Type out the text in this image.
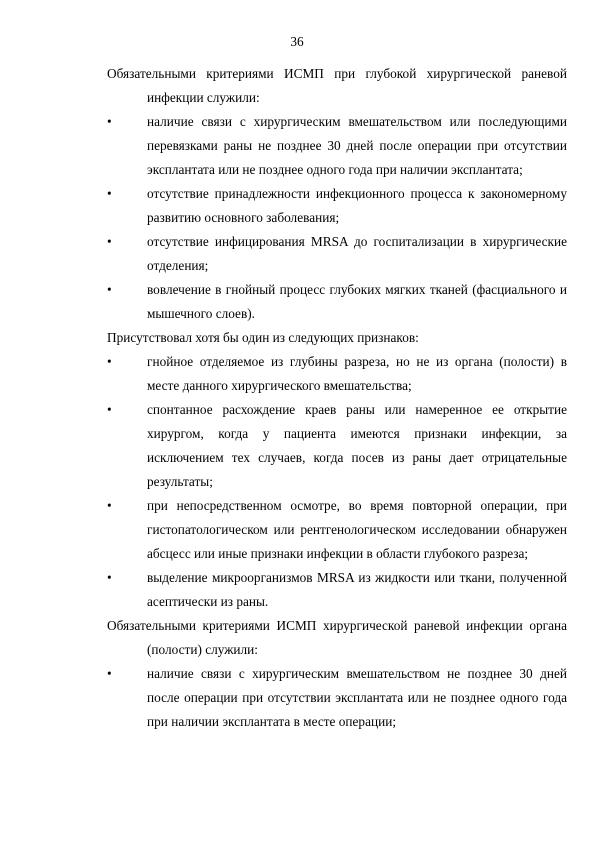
36

Обязательными критериями ИСМП при глубокой хирургической раневой инфекции служили:

•	наличие связи с хирургическим вмешательством или последующими перевязками раны не позднее 30 дней после операции при отсутствии эксплантата или не позднее одного года при наличии эксплантата;
•	отсутствие принадлежности инфекционного процесса к закономерному развитию основного заболевания;
•	отсутствие инфицирования MRSA до госпитализации в хирургические отделения;
•	вовлечение в гнойный процесс глубоких мягких тканей (фасциального и мышечного слоев).

Присутствовал хотя бы один из следующих признаков:

•	гнойное отделяемое из глубины разреза, но не из органа (полости) в месте данного хирургического вмешательства;
•	спонтанное расхождение краев раны или намеренное ее открытие хирургом, когда у пациента имеются признаки инфекции, за исключением тех случаев, когда посев из раны дает отрицательные результаты;
•	при непосредственном осмотре, во время повторной операции, при гистопатологическом или рентгенологическом исследовании обнаружен абсцесс или иные признаки инфекции в области глубокого разреза;
•	выделение микроорганизмов MRSA из жидкости или ткани, полученной асептически из раны.

Обязательными критериями ИСМП хирургической раневой инфекции органа (полости) служили:

•	наличие связи с хирургическим вмешательством не позднее 30 дней после операции при отсутствии эксплантата или не позднее одного года при наличии эксплантата в месте операции;
